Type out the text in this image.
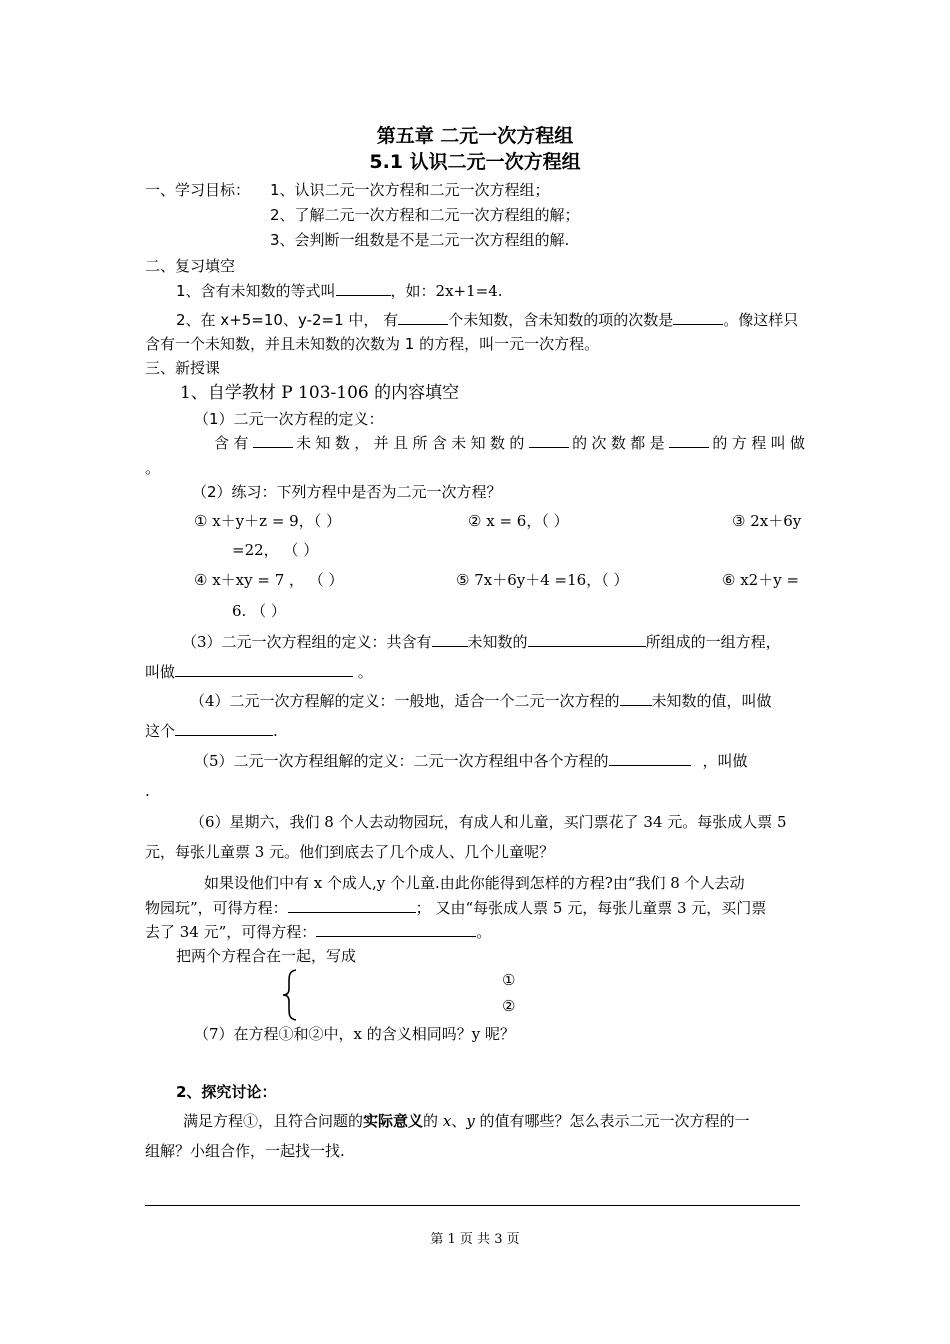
第五章 二元一次方程组
5.1 认识二元一次方程组
一、学习目标： 1、认识二元一次方程和二元一次方程组；
2、了解二元一次方程和二元一次方程组的解；
3、会判断一组数是不是二元一次方程组的解.
二、复习填空
1、含有未知数的等式叫	，如：2x+1=4.
2、在 x+5=10、y-2=1 中， 有	个未知数，含未知数的项的次数是	。像这样只
含有一个未知数，并且未知数的次数为 1 的方程，叫一元一次方程。
三、新授课
1、自学教材 P 103-106 的内容填空
（1）二元一次方程的定义：
含有	未知数，并且所含未知数的	的次数都是	的方程叫做
。
（2）练习：下列方程中是否为二元一次方程？
① x＋y＋z = 9，（ ）	② x = 6，（ ）	③ 2x＋6y
=22， （ ）
④ x＋xy = 7 ， （ ）	⑤ 7x＋6y＋4 =16，（ ）	⑥ x2＋y =
6. （ ）
（3）二元一次方程组的定义：共含有 未知数的	所组成的一组方程，
叫做	。
（4）二元一次方程解的定义：一般地，适合一个二元一次方程的 未知数的值，叫做
这个	.
（5）二元一次方程组解的定义：二元一次方程组中各个方程的	，叫做
.
（6）星期六，我们 8 个人去动物园玩，有成人和儿童，买门票花了 34 元。每张成人票 5
元，每张儿童票 3 元。他们到底去了几个成人、几个儿童呢？
如果设他们中有 x 个成人,y 个儿童.由此你能得到怎样的方程?由“我们 8 个人去动
物园玩”，可得方程：	； 又由“每张成人票 5 元，每张儿童票 3 元，买门票
去了 34 元”，可得方程：	。
把两个方程合在一起，写成
①
②
（7）在方程①和②中，x 的含义相同吗？y 呢？
2、探究讨论：
满足方程①，且符合问题的实际意义的 x、y 的值有哪些？怎么表示二元一次方程的一
组解？小组合作，一起找一找.
第 1 页 共 3 页
